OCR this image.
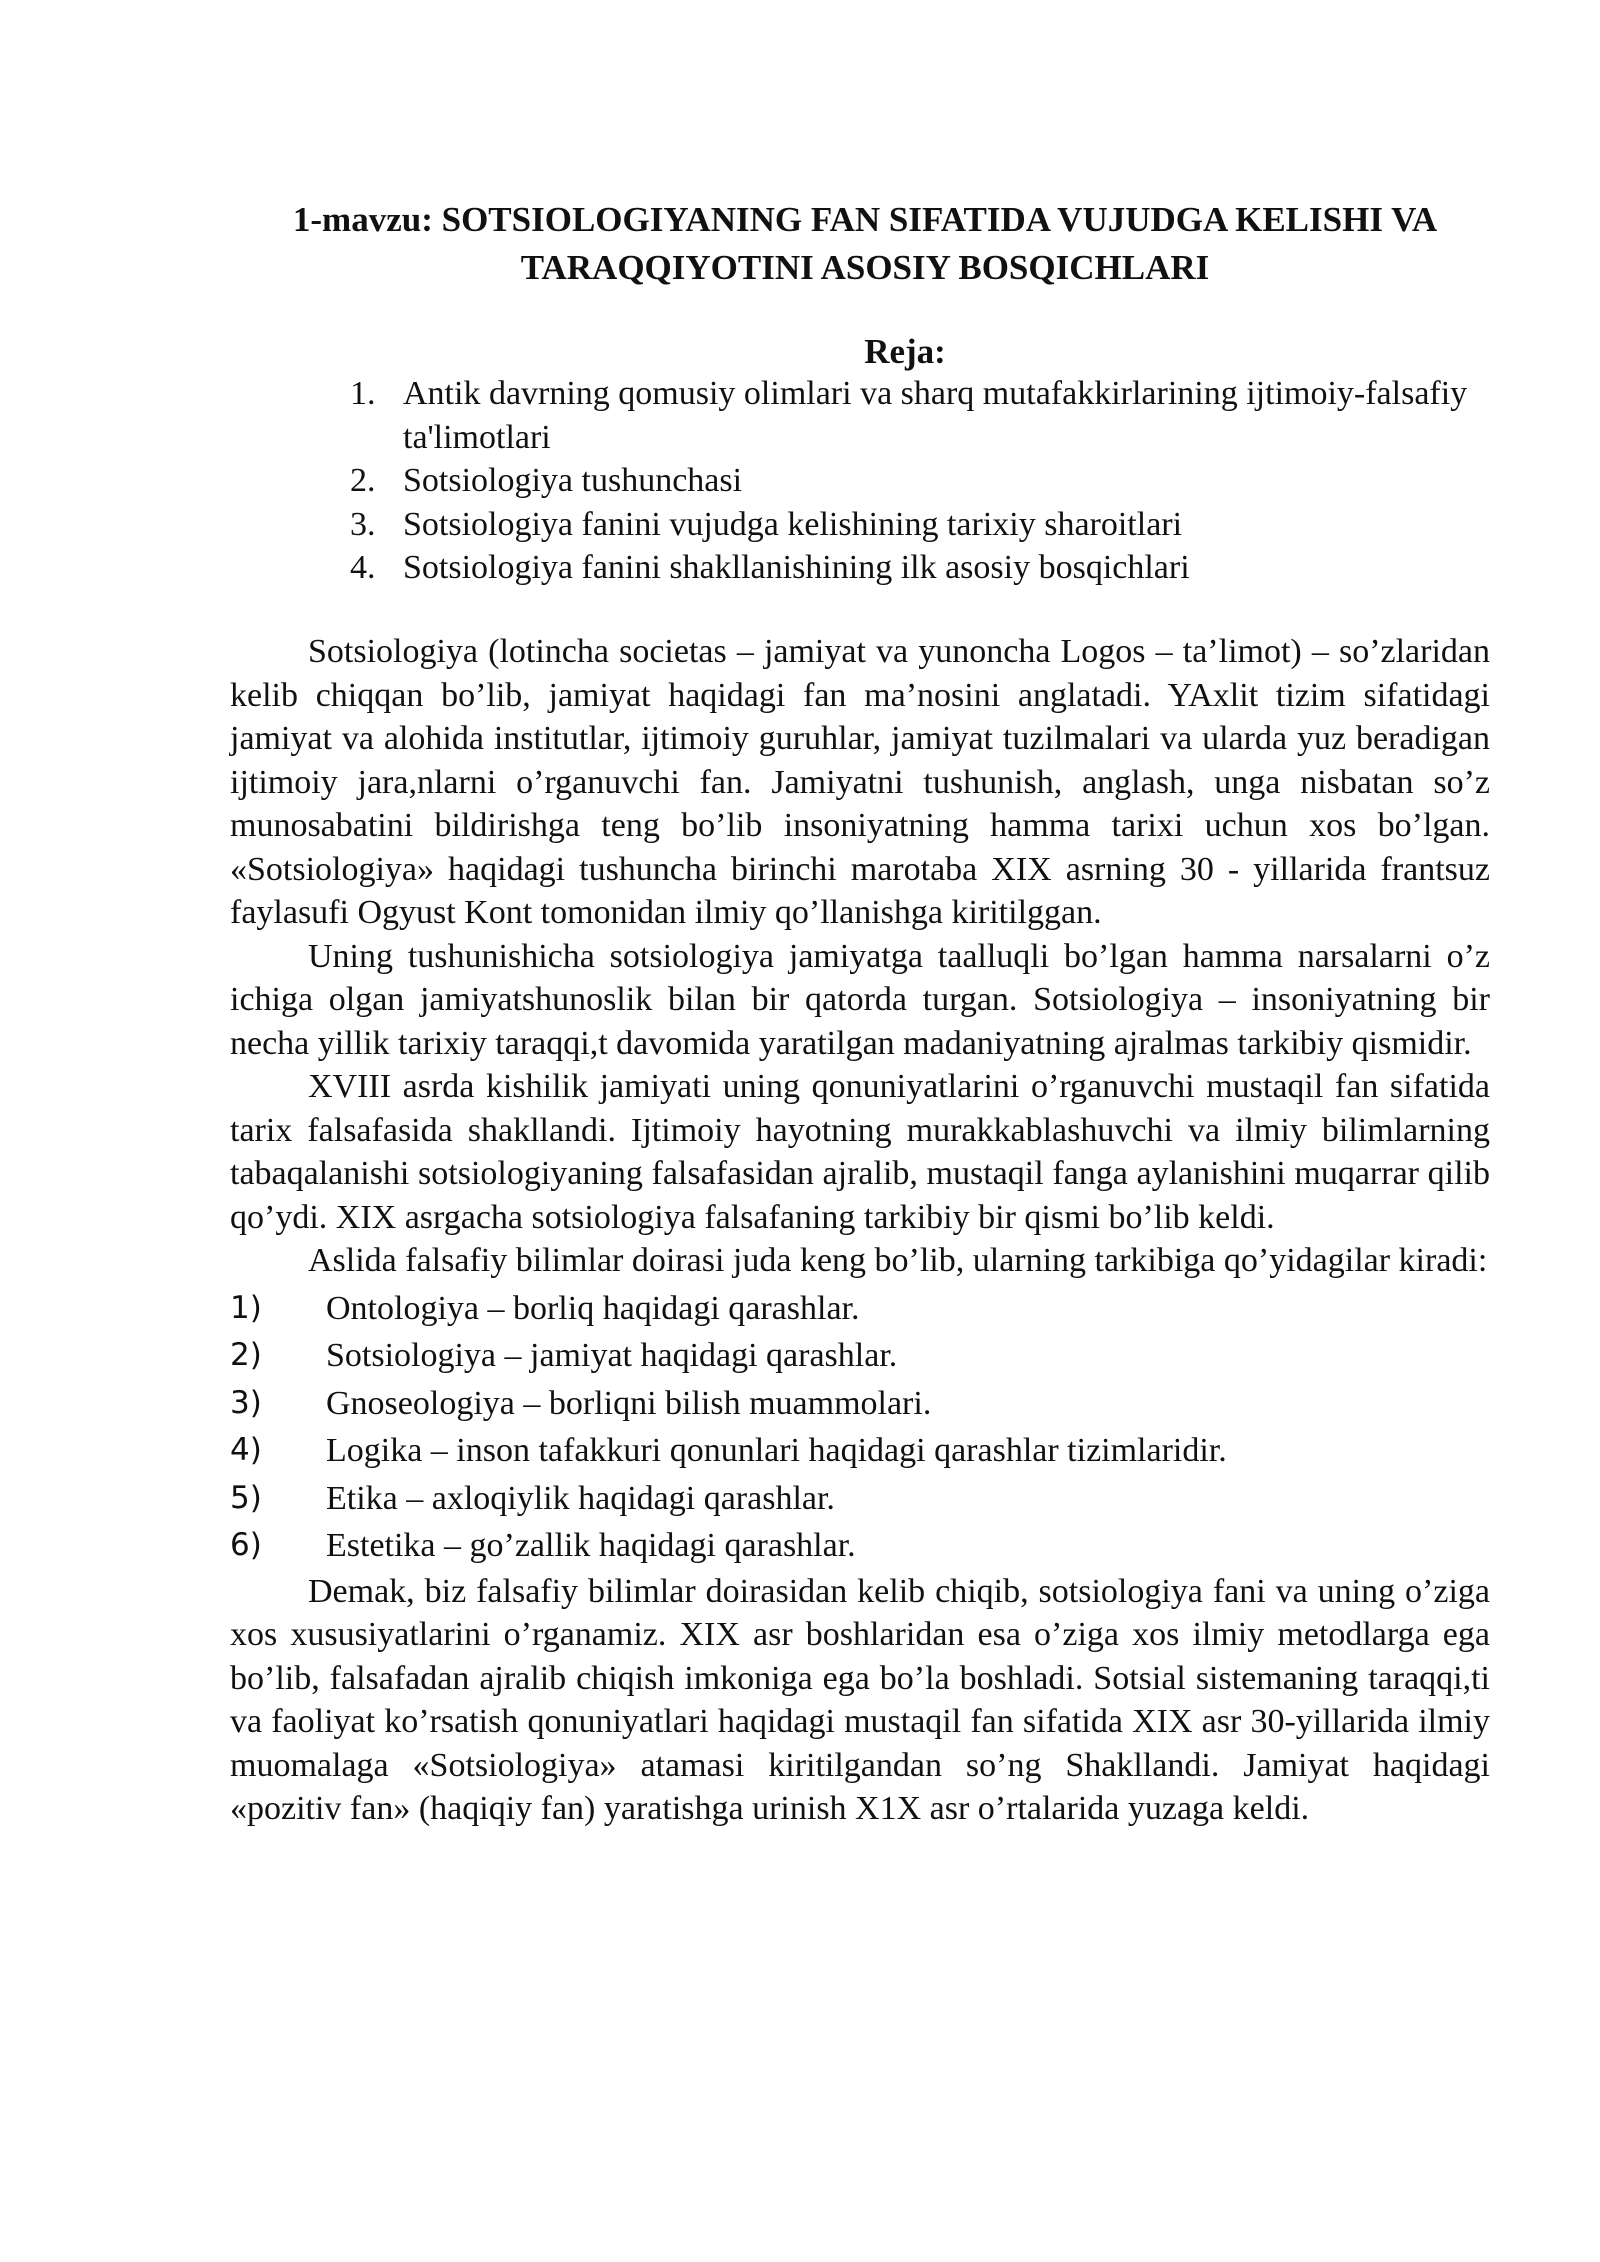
1-mavzu: SOTSIOLOGIYANING FAN SIFATIDA VUJUDGA KELISHI VA TARAQQIYOTINI ASOSIY BOSQICHLARI
Reja:
1. Antik davrning qomusiy olimlari va sharq mutafakkirlarining ijtimoiy-falsafiy ta'limotlari
2. Sotsiologiya tushunchasi
3. Sotsiologiya fanini vujudga kelishining tarixiy sharoitlari
4. Sotsiologiya fanini shakllanishining ilk asosiy bosqichlari

Sotsiologiya (lotincha societas – jamiyat va yunoncha Logos – ta’limot) – so’zlaridan kelib chiqqan bo’lib, jamiyat haqidagi fan ma’nosini anglatadi. YAxlit tizim sifatidagi jamiyat va alohida institutlar, ijtimoiy guruhlar, jamiyat tuzilmalari va ularda yuz beradigan ijtimoiy jara,nlarni o’rganuvchi fan. Jamiyatni tushunish, anglash, unga nisbatan so’z munosabatini bildirishga teng bo’lib insoniyatning hamma tarixi uchun xos bo’lgan. «Sotsiologiya» haqidagi tushuncha birinchi marotaba XIX asrning 30 - yillarida frantsuz faylasufi Ogyust Kont tomonidan ilmiy qo’llanishga kiritilggan.

Uning tushunishicha sotsiologiya jamiyatga taalluqli bo’lgan hamma narsalarni o’z ichiga olgan jamiyatshunoslik bilan bir qatorda turgan. Sotsiologiya – insoniyatning bir necha yillik tarixiy taraqqi,t davomida yaratilgan madaniyatning ajralmas tarkibiy qismidir.

XVIII asrda kishilik jamiyati uning qonuniyatlarini o’rganuvchi mustaqil fan sifatida tarix falsafasida shakllandi. Ijtimoiy hayotning murakkablashuvchi va ilmiy bilimlarning tabaqalanishi sotsiologiyaning falsafasidan ajralib, mustaqil fanga aylanishini muqarrar qilib qo’ydi. XIX asrgacha sotsiologiya falsafaning tarkibiy bir qismi bo’lib keldi.

Aslida falsafiy bilimlar doirasi juda keng bo’lib, ularning tarkibiga qo’yidagilar kiradi:

1) Ontologiya – borliq haqidagi qarashlar.
2) Sotsiologiya – jamiyat haqidagi qarashlar.
3) Gnoseologiya – borliqni bilish muammolari.
4) Logika – inson tafakkuri qonunlari haqidagi qarashlar tizimlaridir.
5) Etika – axloqiylik haqidagi qarashlar.
6) Estetika – go’zallik haqidagi qarashlar.

Demak, biz falsafiy bilimlar doirasidan kelib chiqib, sotsiologiya fani va uning o’ziga xos xususiyatlarini o’rganamiz. XIX asr boshlaridan esa o’ziga xos ilmiy metodlarga ega bo’lib, falsafadan ajralib chiqish imkoniga ega bo’la boshladi. Sotsial sistemaning taraqqi,ti va faoliyat ko’rsatish qonuniyatlari haqidagi mustaqil fan sifatida XIX asr 30-yillarida ilmiy muomalaga «Sotsiologiya» atamasi kiritilgandan so’ng Shakllandi. Jamiyat haqidagi «pozitiv fan» (haqiqiy fan) yaratishga urinish X1X asr o’rtalarida yuzaga keldi.
